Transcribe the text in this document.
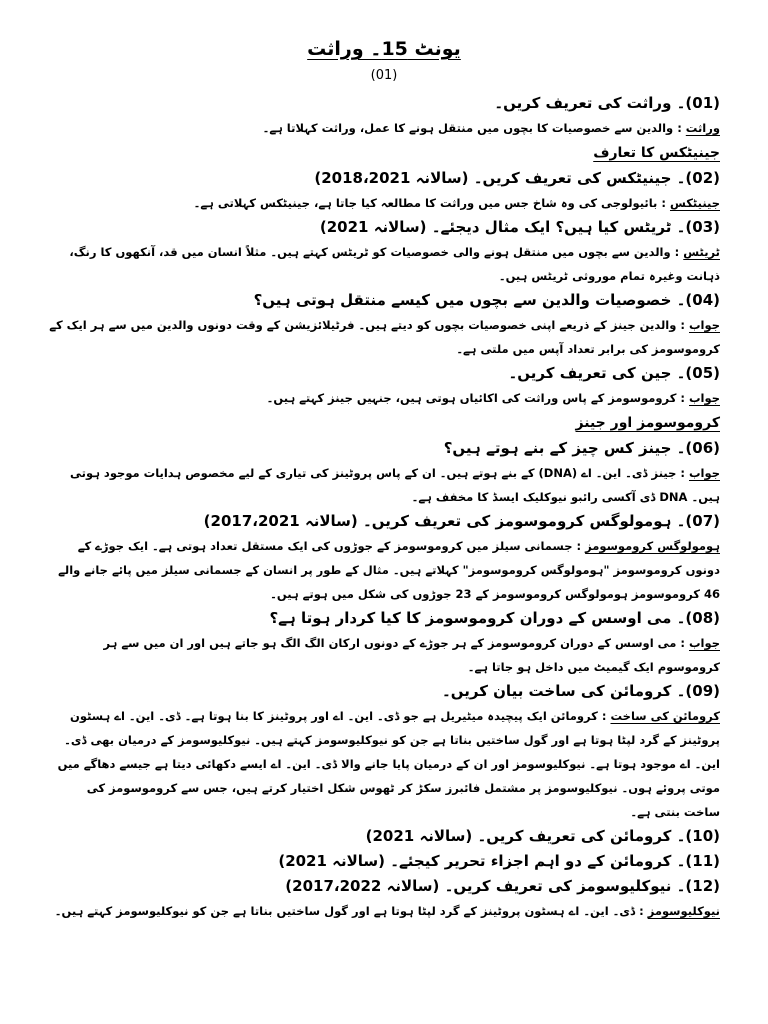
یونٹ 15۔ وراثت
(01)

(01)۔ وراثت کی تعریف کریں۔

وراثت : والدین سے خصوصیات کا بچوں میں منتقل ہونے کا عمل، وراثت کہلاتا ہے۔

جینیٹکس کا تعارف

(02)۔ جینیٹکس کی تعریف کریں۔ (سالانہ 2018،2021)

جینیٹکس : بائیولوجی کی وہ شاخ جس میں وراثت کا مطالعہ کیا جاتا ہے، جینیٹکس کہلاتی ہے۔

(03)۔ ٹریٹس کیا ہیں؟ ایک مثال دیجئے۔ (سالانہ 2021)

ٹریٹس : والدین سے بچوں میں منتقل ہونے والی خصوصیات کو ٹریٹس کہتے ہیں۔ مثلاً انسان میں قد، آنکھوں کا رنگ، ذہانت وغیرہ تمام موروثی ٹریٹس ہیں۔

(04)۔ خصوصیات والدین سے بچوں میں کیسے منتقل ہوتی ہیں؟

جواب : والدین جینز کے ذریعے اپنی خصوصیات بچوں کو دیتے ہیں۔ فرٹیلائزیشن کے وقت دونوں والدین میں سے ہر ایک کے کروموسومز کی برابر تعداد آپس میں ملتی ہے۔

(05)۔ جین کی تعریف کریں۔

جواب : کروموسومز کے پاس وراثت کی اکائیاں ہوتی ہیں، جنہیں جینز کہتے ہیں۔

کروموسومز اور جینز

(06)۔ جینز کس چیز کے بنے ہوتے ہیں؟

جواب : جینز ڈی۔ این۔ اے (DNA) کے بنے ہوتے ہیں۔ ان کے پاس پروٹینز کی تیاری کے لیے مخصوص ہدایات موجود ہوتی ہیں۔ DNA ڈی آکسی رائبو نیوکلیک ایسڈ کا مخفف ہے۔

(07)۔ ہومولوگس کروموسومز کی تعریف کریں۔ (سالانہ 2017،2021)

ہومولوگس کروموسومز : جسمانی سیلز میں کروموسومز کے جوڑوں کی ایک مستقل تعداد ہوتی ہے۔ ایک جوڑے کے دونوں کروموسومز "ہومولوگس کروموسومز" کہلاتے ہیں۔ مثال کے طور پر انسان کے جسمانی سیلز میں پائے جانے والے 46 کروموسومز ہومولوگس کروموسومز کے 23 جوڑوں کی شکل میں ہوتے ہیں۔

(08)۔ می اوسس کے دوران کروموسومز کا کیا کردار ہوتا ہے؟

جواب : می اوسس کے دوران کروموسومز کے ہر جوڑے کے دونوں ارکان الگ الگ ہو جاتے ہیں اور ان میں سے ہر کروموسوم ایک گیمیٹ میں داخل ہو جاتا ہے۔

(09)۔ کرومائن کی ساخت بیان کریں۔

کرومائن کی ساخت : کرومائن ایک پیچیدہ میٹیریل ہے جو ڈی۔ این۔ اے اور پروٹینز کا بنا ہوتا ہے۔ ڈی۔ این۔ اے ہسٹون پروٹینز کے گرد لپٹا ہوتا ہے اور گول ساختیں بناتا ہے جن کو نیوکلیوسومز کہتے ہیں۔ نیوکلیوسومز کے درمیان بھی ڈی۔ این۔ اے موجود ہوتا ہے۔ نیوکلیوسومز اور ان کے درمیان پایا جانے والا ڈی۔ این۔ اے ایسے دکھائی دیتا ہے جیسے دھاگے میں موتی پروئے ہوں۔ نیوکلیوسومز پر مشتمل فائبرز سکڑ کر ٹھوس شکل اختیار کرتے ہیں، جس سے کروموسومز کی ساخت بنتی ہے۔

(10)۔ کرومائن کی تعریف کریں۔ (سالانہ 2021)

(11)۔ کرومائن کے دو اہم اجزاء تحریر کیجئے۔ (سالانہ 2021)

(12)۔ نیوکلیوسومز کی تعریف کریں۔ (سالانہ 2017،2022)

نیوکلیوسومز : ڈی۔ این۔ اے ہسٹون پروٹینز کے گرد لپٹا ہوتا ہے اور گول ساختیں بناتا ہے جن کو نیوکلیوسومز کہتے ہیں۔
